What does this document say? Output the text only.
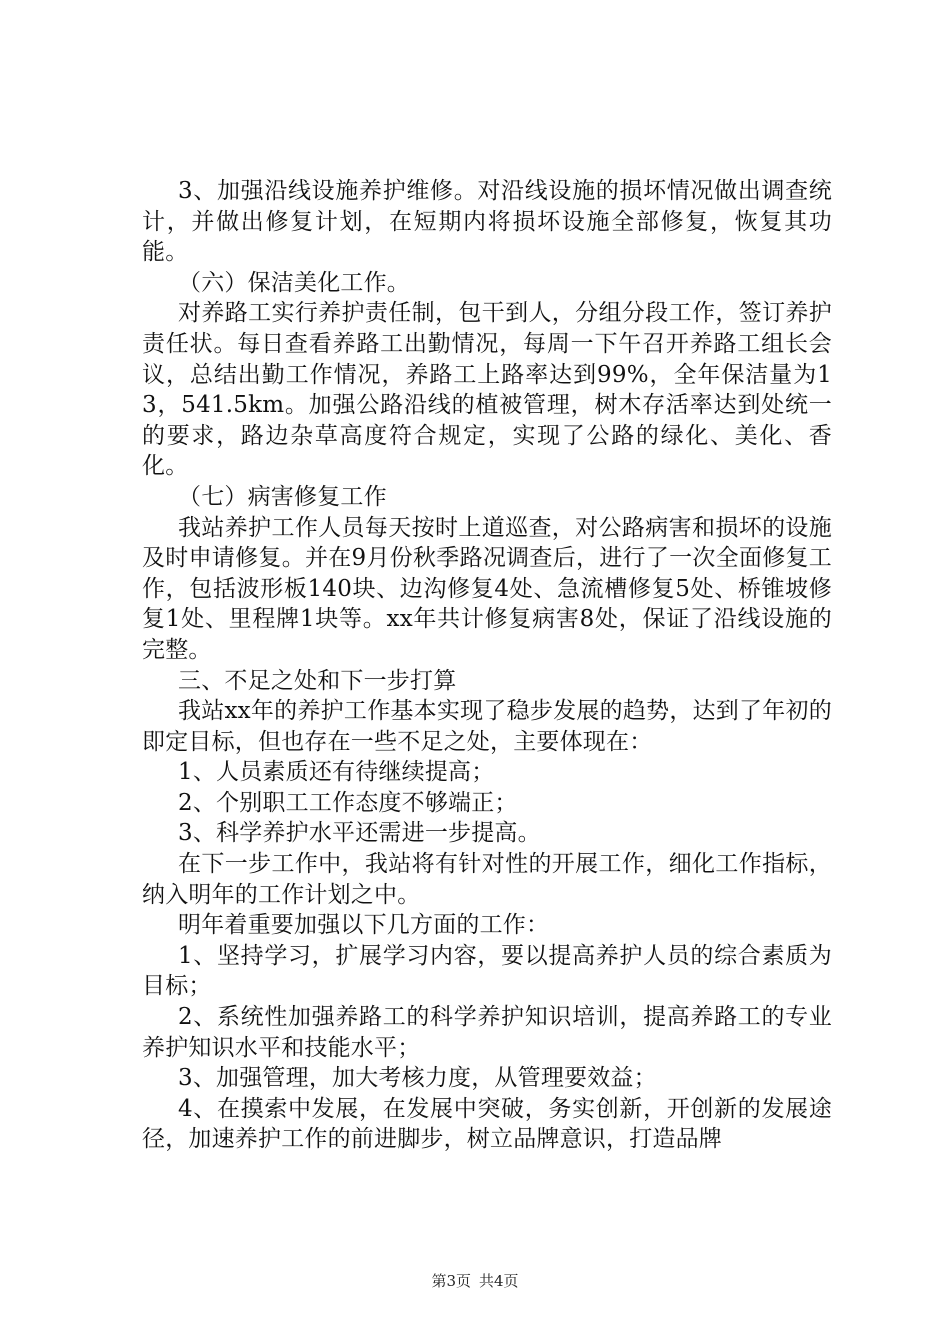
3、加强沿线设施养护维修。对沿线设施的损坏情况做出调查统计，并做出修复计划，在短期内将损坏设施全部修复，恢复其功能。

（六）保洁美化工作。

对养路工实行养护责任制，包干到人，分组分段工作，签订养护责任状。每日查看养路工出勤情况，每周一下午召开养路工组长会议，总结出勤工作情况，养路工上路率达到99%，全年保洁量为13，541.5km。加强公路沿线的植被管理，树木存活率达到处统一的要求，路边杂草高度符合规定，实现了公路的绿化、美化、香化。

（七）病害修复工作

我站养护工作人员每天按时上道巡查，对公路病害和损坏的设施及时申请修复。并在9月份秋季路况调查后，进行了一次全面修复工作，包括波形板140块、边沟修复4处、急流槽修复5处、桥锥坡修复1处、里程牌1块等。xx年共计修复病害8处，保证了沿线设施的完整。

三、不足之处和下一步打算

我站xx年的养护工作基本实现了稳步发展的趋势，达到了年初的即定目标，但也存在一些不足之处，主要体现在：

1、人员素质还有待继续提高；

2、个别职工工作态度不够端正；

3、科学养护水平还需进一步提高。

在下一步工作中，我站将有针对性的开展工作，细化工作指标，纳入明年的工作计划之中。

明年着重要加强以下几方面的工作：

1、坚持学习，扩展学习内容，要以提高养护人员的综合素质为目标；

2、系统性加强养路工的科学养护知识培训，提高养路工的专业养护知识水平和技能水平；

3、加强管理，加大考核力度，从管理要效益；

4、在摸索中发展，在发展中突破，务实创新，开创新的发展途径，加速养护工作的前进脚步，树立品牌意识，打造品牌

第3页 共4页
